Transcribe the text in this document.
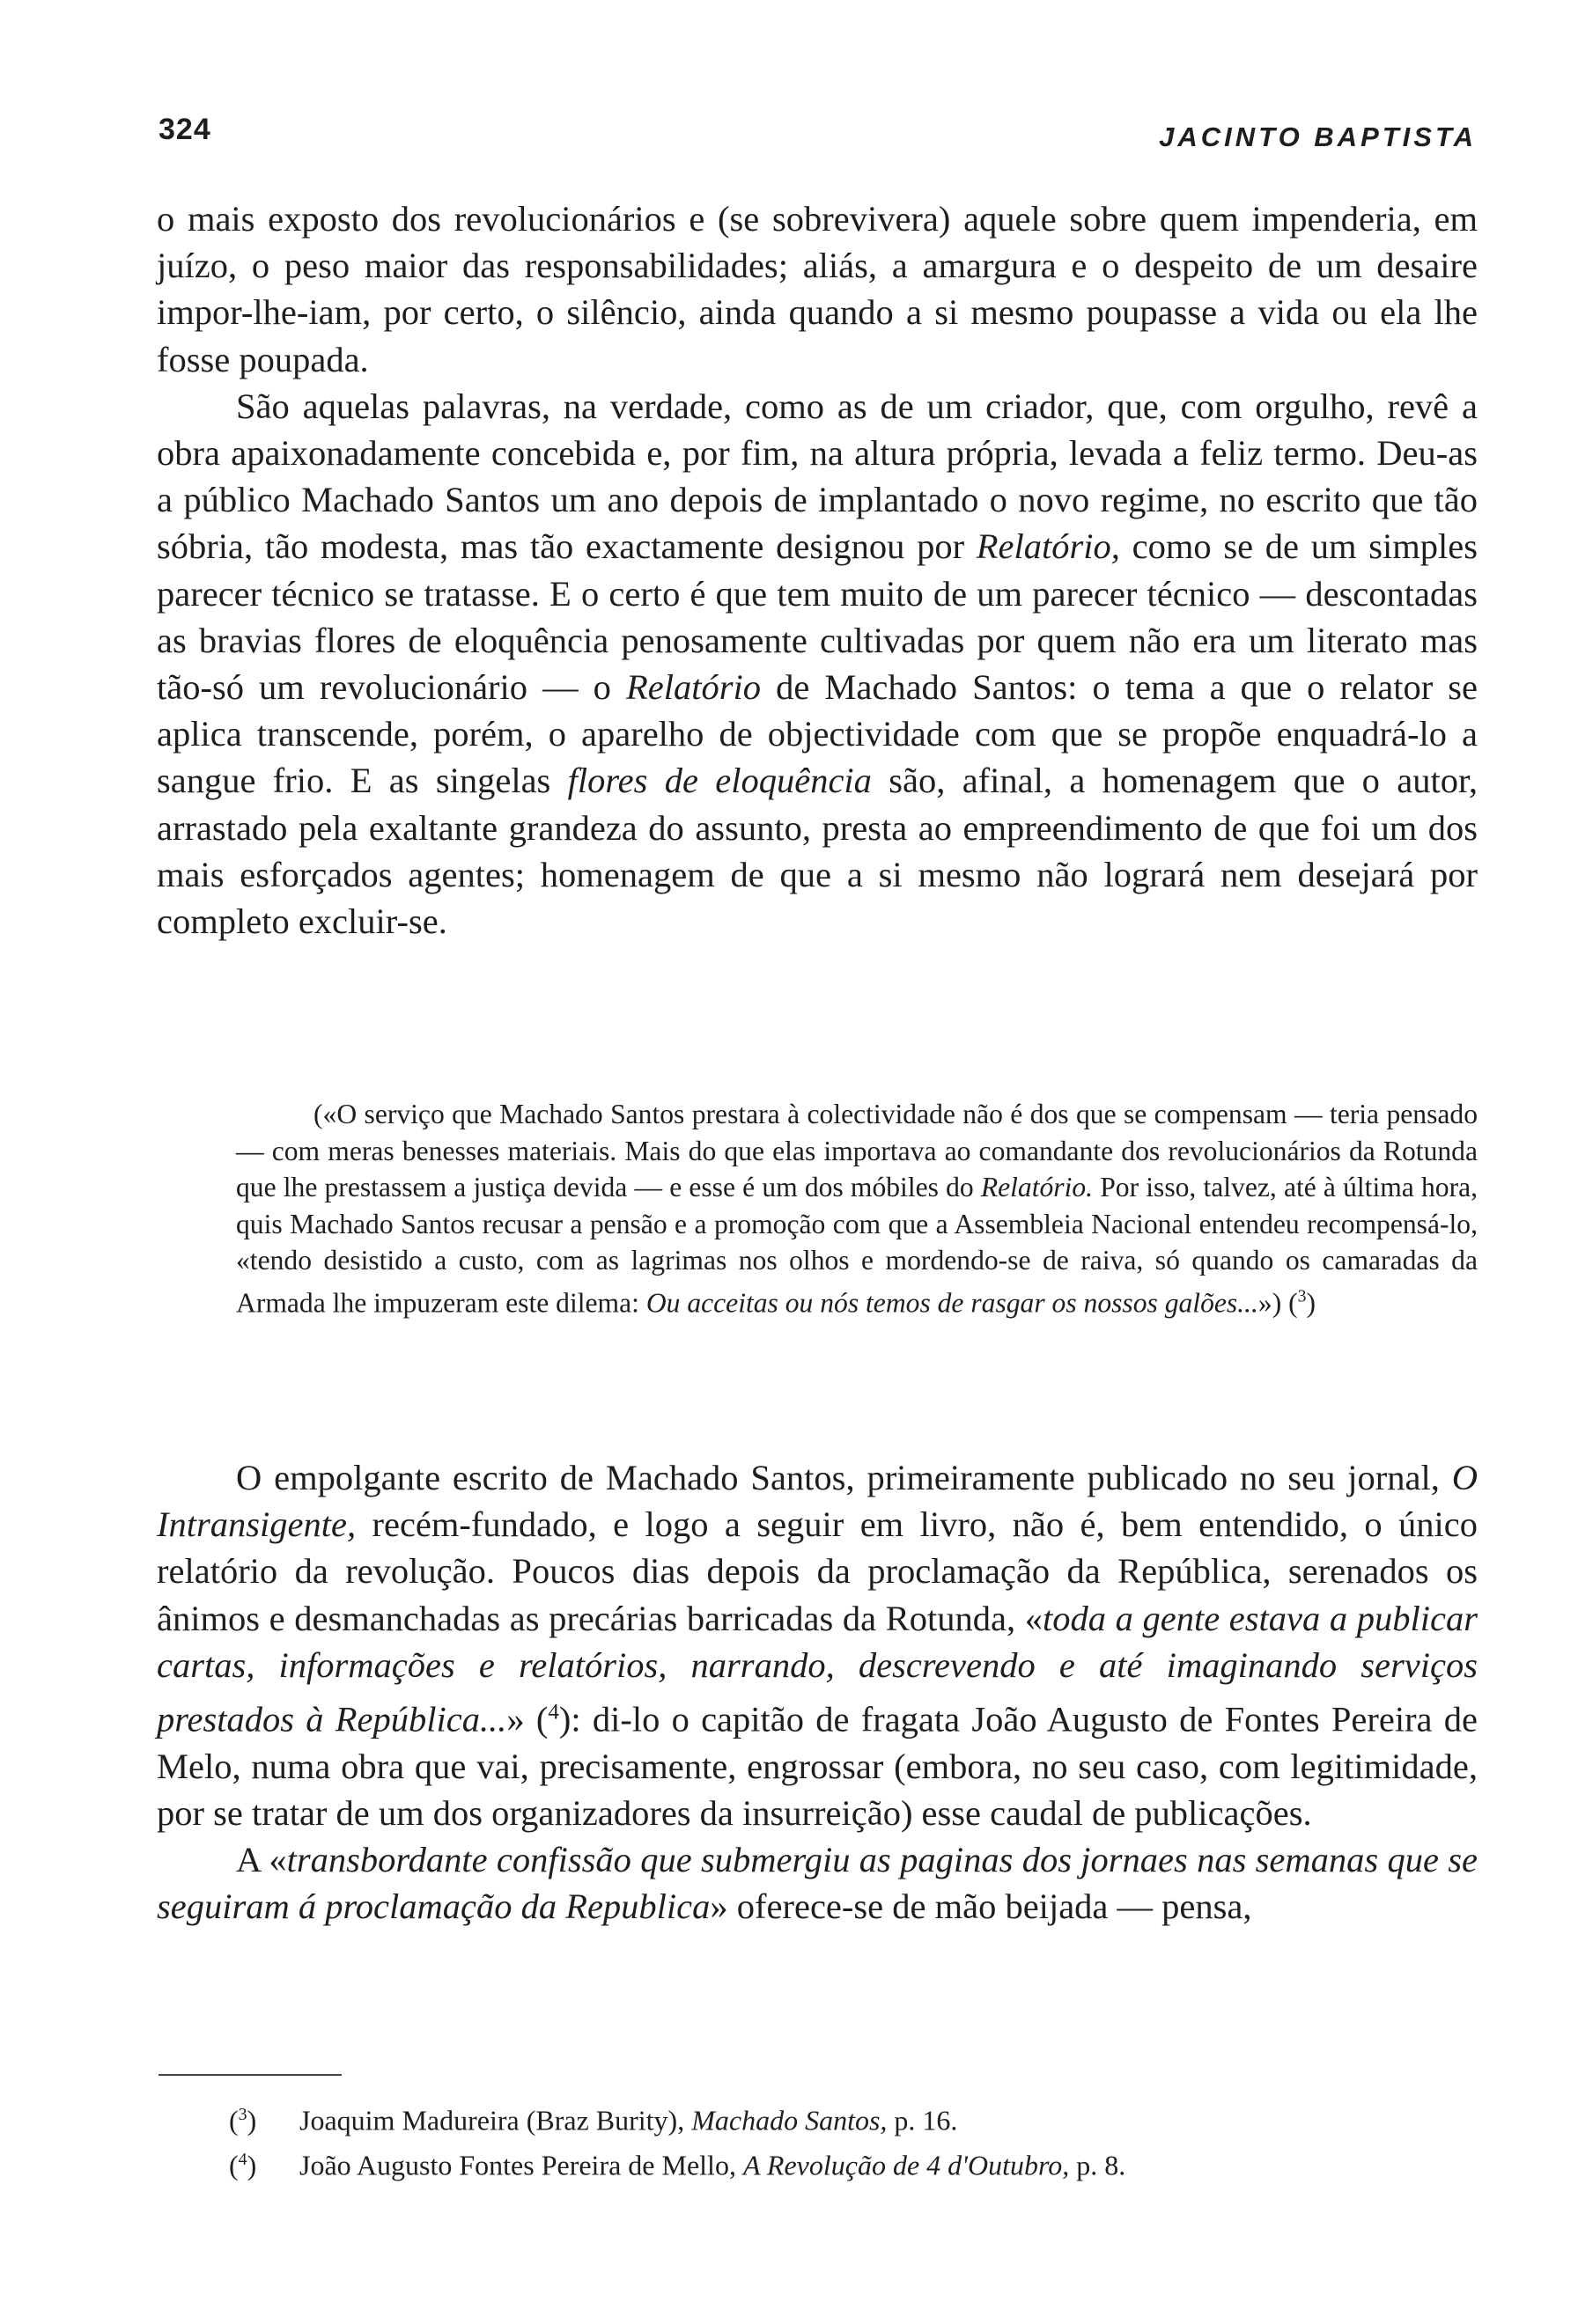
324	JACINTO BAPTISTA

o mais exposto dos revolucionários e (se sobrevivera) aquele sobre quem impenderia, em juízo, o peso maior das responsabilidades; aliás, a amargura e o despeito de um desaire impor-lhe-iam, por certo, o silêncio, ainda quando a si mesmo poupasse a vida ou ela lhe fosse poupada.

São aquelas palavras, na verdade, como as de um criador, que, com orgulho, revê a obra apaixonadamente concebida e, por fim, na altura própria, levada a feliz termo. Deu-as a público Machado Santos um ano depois de implantado o novo regime, no escrito que tão sóbria, tão modesta, mas tão exactamente designou por Relatório, como se de um simples parecer técnico se tratasse. E o certo é que tem muito de um parecer técnico — descontadas as bravias flores de eloquência penosamente cultivadas por quem não era um literato mas tão-só um revolucionário — o Relatório de Machado Santos: o tema a que o relator se aplica transcende, porém, o aparelho de objectividade com que se propõe enquadrá-lo a sangue frio. E as singelas flores de eloquência são, afinal, a homenagem que o autor, arrastado pela exaltante grandeza do assunto, presta ao empreendimento de que foi um dos mais esforçados agentes; homenagem de que a si mesmo não logrará nem desejará por completo excluir-se.

(«O serviço que Machado Santos prestara à colectividade não é dos que se compensam — teria pensado — com meras benesses materiais. Mais do que elas importava ao comandante dos revolucionários da Rotunda que lhe prestassem a justiça devida — e esse é um dos móbiles do Relatório. Por isso, talvez, até à última hora, quis Machado Santos recusar a pensão e a promoção com que a Assembleia Nacional entendeu recompensá-lo, «tendo desistido a custo, com as lagrimas nos olhos e mordendo-se de raiva, só quando os camaradas da Armada lhe impuzeram este dilema: Ou acceitas ou nós temos de rasgar os nossos galões...») ($^3$)

O empolgante escrito de Machado Santos, primeiramente publicado no seu jornal, O Intransigente, recém-fundado, e logo a seguir em livro, não é, bem entendido, o único relatório da revolução. Poucos dias depois da proclamação da República, serenados os ânimos e desmanchadas as precárias barricadas da Rotunda, «toda a gente estava a publicar cartas, informações e relatórios, narrando, descrevendo e até imaginando serviços prestados à República...» ($^4$): di-lo o capitão de fragata João Augusto de Fontes Pereira de Melo, numa obra que vai, precisamente, engrossar (embora, no seu caso, com legitimidade, por se tratar de um dos organizadores da insurreição) esse caudal de publicações.

A «transbordante confissão que submergiu as paginas dos jornaes nas semanas que se seguiram á proclamação da Republica» oferece-se de mão beijada — pensa,

($^3$) Joaquim Madureira (Braz Burity), Machado Santos, p. 16.

($^4$) João Augusto Fontes Pereira de Mello, A Revolução de 4 d'Outubro, p. 8.
